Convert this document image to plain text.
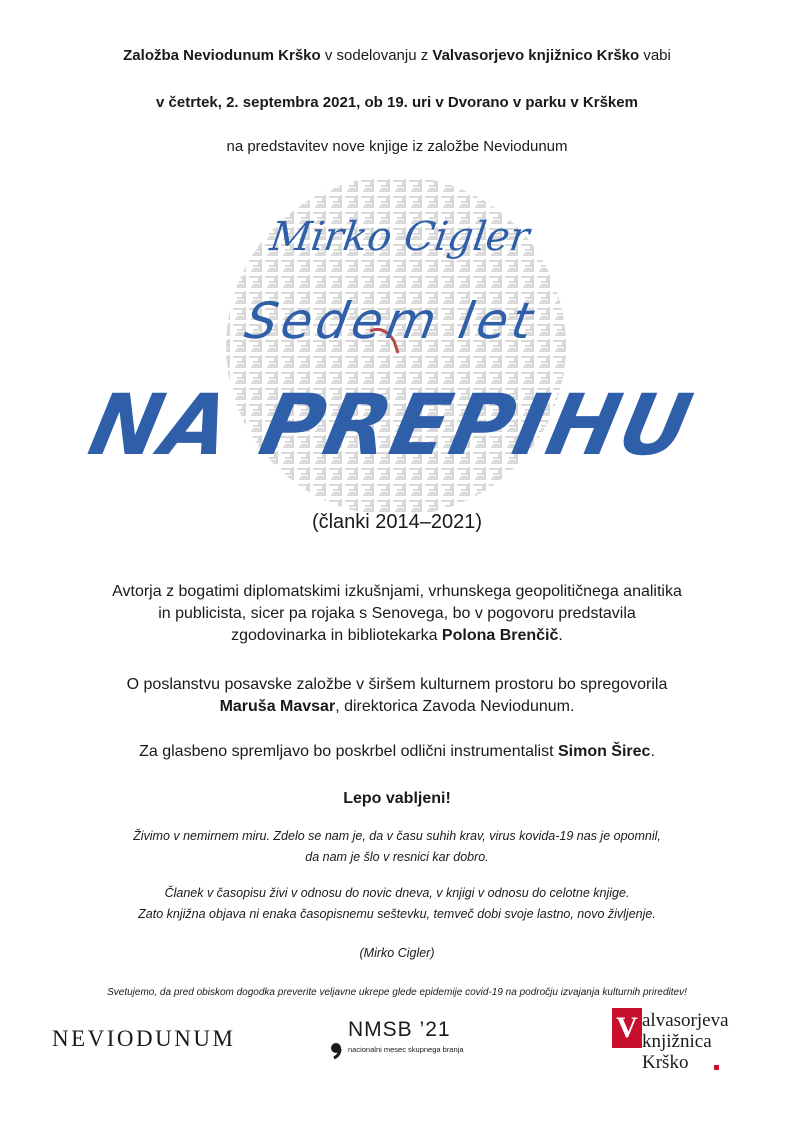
Založba Neviodunum Krško v sodelovanju z Valvasorjevo knjižnico Krško vabi
v četrtek, 2. septembra 2021, ob 19. uri v Dvorano v parku v Krškem
na predstavitev nove knjige iz založbe Neviodunum
Mirko Cigler
Sedem let
NA PREPIHU
(članki 2014–2021)
Avtorja z bogatimi diplomatskimi izkušnjami, vrhunskega geopolitičnega analitika
in publicista, sicer pa rojaka s Senovega, bo v pogovoru predstavila
zgodovinarka in bibliotekarka Polona Brenčič.
O poslanstvu posavske založbe v širšem kulturnem prostoru bo spregovorila
Maruša Mavsar, direktorica Zavoda Neviodunum.
Za glasbeno spremljavo bo poskrbel odlični instrumentalist Simon Širec.
Lepo vabljeni!
Živimo v nemirnem miru. Zdelo se nam je, da v času suhih krav, virus kovida-19 nas je opomnil,
da nam je šlo v resnici kar dobro.
Članek v časopisu živi v odnosu do novic dneva, v knjigi v odnosu do celotne knjige.
Zato knjižna objava ni enaka časopisnemu seštevku, temveč dobi svoje lastno, novo življenje.
(Mirko Cigler)
Svetujemo, da pred obiskom dogodka preverite veljavne ukrepe glede epidemije covid-19 na področju izvajanja kulturnih prireditev!
NEVIODUNUM	NMSB ’21
nacionalni mesec skupnega branja
V alvasorjeva
knjižnica
Krško
